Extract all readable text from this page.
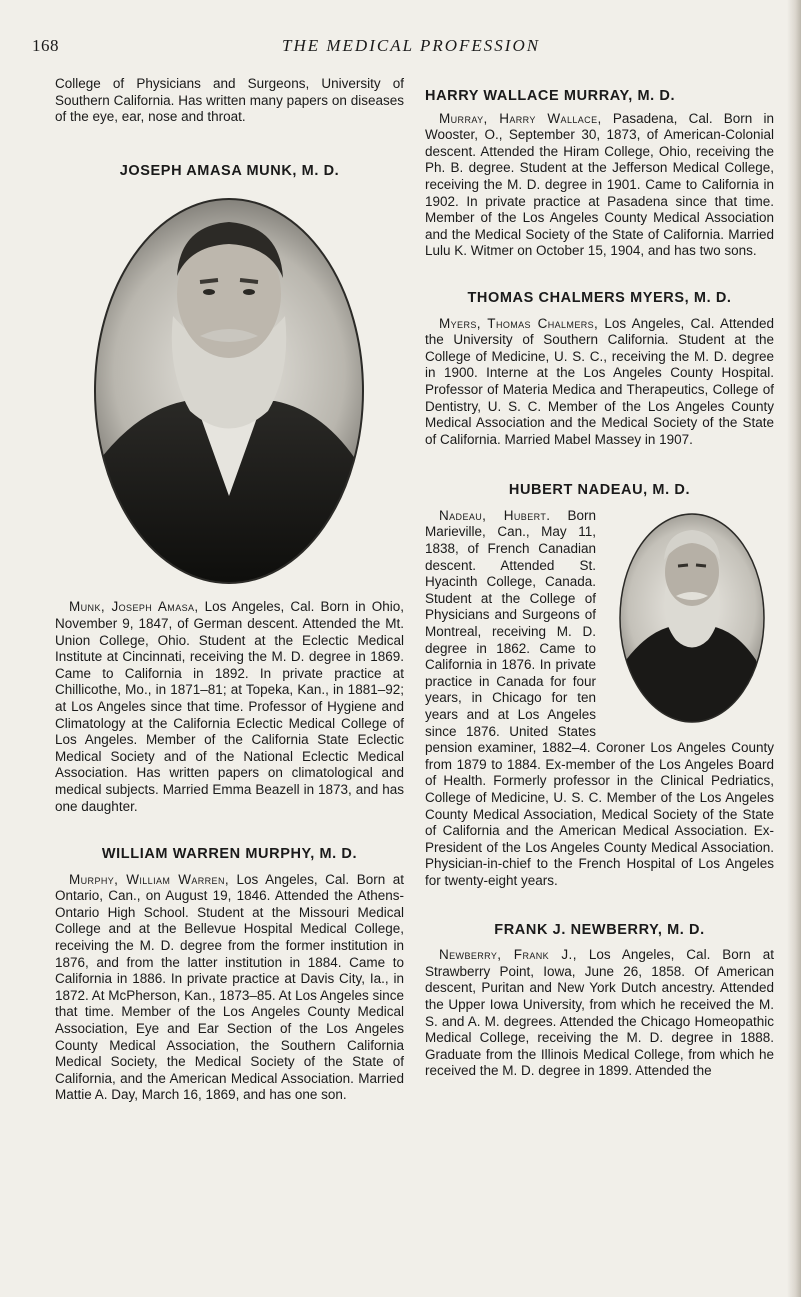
168	THE MEDICAL PROFESSION

College of Physicians and Surgeons, University of Southern California. Has written many papers on diseases of the eye, ear, nose and throat.

JOSEPH AMASA MUNK, M. D.

Munk, Joseph Amasa, Los Angeles, Cal. Born in Ohio, November 9, 1847, of German descent. Attended the Mt. Union College, Ohio. Student at the Eclectic Medical Institute at Cincinnati, receiving the M. D. degree in 1869. Came to California in 1892. In private practice at Chillicothe, Mo., in 1871–81; at Topeka, Kan., in 1881–92; at Los Angeles since that time. Professor of Hygiene and Climatology at the California Eclectic Medical College of Los Angeles. Member of the California State Eclectic Medical Society and of the National Eclectic Medical Association. Has written papers on climatological and medical subjects. Married Emma Beazell in 1873, and has one daughter.

WILLIAM WARREN MURPHY, M. D.

Murphy, William Warren, Los Angeles, Cal. Born at Ontario, Can., on August 19, 1846. Attended the Athens-Ontario High School. Student at the Missouri Medical College and at the Bellevue Hospital Medical College, receiving the M. D. degree from the former institution in 1876, and from the latter institution in 1884. Came to California in 1886. In private practice at Davis City, Ia., in 1872. At McPherson, Kan., 1873–85. At Los Angeles since that time. Member of the Los Angeles County Medical Association, Eye and Ear Section of the Los Angeles County Medical Association, the Southern California Medical Society, the Medical Society of the State of California, and the American Medical Association. Married Mattie A. Day, March 16, 1869, and has one son.

HARRY WALLACE MURRAY, M. D.

Murray, Harry Wallace, Pasadena, Cal. Born in Wooster, O., September 30, 1873, of American-Colonial descent. Attended the Hiram College, Ohio, receiving the Ph. B. degree. Student at the Jefferson Medical College, receiving the M. D. degree in 1901. Came to California in 1902. In private practice at Pasadena since that time. Member of the Los Angeles County Medical Association and the Medical Society of the State of California. Married Lulu K. Witmer on October 15, 1904, and has two sons.

THOMAS CHALMERS MYERS, M. D.

Myers, Thomas Chalmers, Los Angeles, Cal. Attended the University of Southern California. Student at the College of Medicine, U. S. C., receiving the M. D. degree in 1900. Interne at the Los Angeles County Hospital. Professor of Materia Medica and Therapeutics, College of Dentistry, U. S. C. Member of the Los Angeles County Medical Association and the Medical Society of the State of California. Married Mabel Massey in 1907.

HUBERT NADEAU, M. D.

Nadeau, Hubert. Born Marieville, Can., May 11, 1838, of French Canadian descent. Attended St. Hyacinth College, Canada. Student at the College of Physicians and Surgeons of Montreal, receiving M. D. degree in 1862. Came to California in 1876. In private practice in Canada for four years, in Chicago for ten years and at Los Angeles since 1876. United States pension examiner, 1882–4. Coroner Los Angeles County from 1879 to 1884. Ex-member of the Los Angeles Board of Health. Formerly professor in the Clinical Pedriatics, College of Medicine, U. S. C. Member of the Los Angeles County Medical Association, Medical Society of the State of California and the American Medical Association. Ex-President of the Los Angeles County Medical Association. Physician-in-chief to the French Hospital of Los Angeles for twenty-eight years.

FRANK J. NEWBERRY, M. D.

Newberry, Frank J., Los Angeles, Cal. Born at Strawberry Point, Iowa, June 26, 1858. Of American descent, Puritan and New York Dutch ancestry. Attended the Upper Iowa University, from which he received the M. S. and A. M. degrees. Attended the Chicago Homeopathic Medical College, receiving the M. D. degree in 1888. Graduate from the Illinois Medical College, from which he received the M. D. degree in 1899. Attended the
